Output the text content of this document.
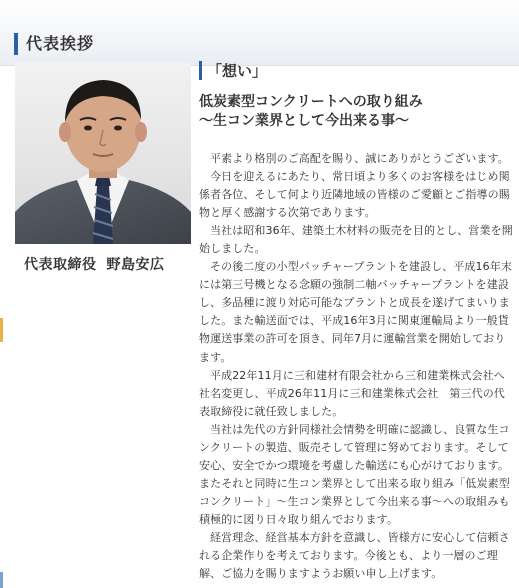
代表挨拶
代表取締役 野島安広
「想い」
低炭素型コンクリートへの取り組み
〜生コン業界として今出来る事〜

平素より格別のご高配を賜り、誠にありがとうございます。

今日を迎えるにあたり、常日頃より多くのお客様をはじめ関係者各位、そして何より近隣地域の皆様のご愛顧とご指導の賜物と厚く感謝する次第であります。

当社は昭和36年、建築土木材料の販売を目的とし、営業を開始しました。

その後二度の小型バッチャープラントを建設し、平成16年末には第三号機となる念願の強制二軸バッチャープラントを建設し、多品種に渡り対応可能なプラントと成長を遂げてまいりました。また輸送面では、平成16年3月に関東運輸局より一般貨物運送事業の許可を頂き、同年7月に運輸営業を開始しております。

平成22年11月に三和建材有限会社から三和建業株式会社へ社名変更し、平成26年11月に三和建業株式会社　第三代の代表取締役に就任致しました。

当社は先代の方針同様社会情勢を明確に認識し、良質な生コンクリートの製造、販売そして管理に努めております。そして安心、安全でかつ環境を考慮した輸送にも心がけております。またそれと同時に生コン業界として出来る取り組み「低炭素型コンクリート」〜生コン業界として今出来る事〜への取組みも積極的に図り日々取り組んでおります。

経営理念、経営基本方針を意識し、皆様方に安心して信頼される企業作りを考えております。今後とも、より一層のご理解、ご協力を賜りますようお願い申し上げます。
